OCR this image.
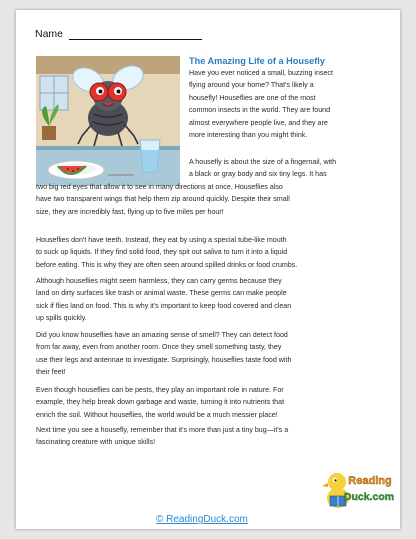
Name
The Amazing Life of a Housefly
Have you ever noticed a small, buzzing insect
flying around your home? That's likely a
housefly! Houseflies are one of the most
common insects in the world. They are found
almost everywhere people live, and they are
more interesting than you might think.
A housefly is about the size of a fingernail, with
a black or gray body and six tiny legs. It has
two big red eyes that allow it to see in many directions at once. Houseflies also
have two transparent wings that help them zip around quickly. Despite their small
size, they are incredibly fast, flying up to five miles per hour!
Houseflies don't have teeth. Instead, they eat by using a special tube-like mouth
to suck up liquids. If they find solid food, they spit out saliva to turn it into a liquid
before eating. This is why they are often seen around spilled drinks or food crumbs.
Although houseflies might seem harmless, they can carry germs because they
land on dirty surfaces like trash or animal waste. These germs can make people
sick if flies land on food. This is why it's important to keep food covered and clean
up spills quickly.
Did you know houseflies have an amazing sense of smell? They can detect food
from far away, even from another room. Once they smell something tasty, they
use their legs and antennae to investigate. Surprisingly, houseflies taste food with
their feet!
Even though houseflies can be pests, they play an important role in nature. For
example, they help break down garbage and waste, turning it into nutrients that
enrich the soil. Without houseflies, the world would be a much messier place!
Next time you see a housefly, remember that it's more than just a tiny bug—it's a
fascinating creature with unique skills!
© ReadingDuck.com
Reading
Duck.com
